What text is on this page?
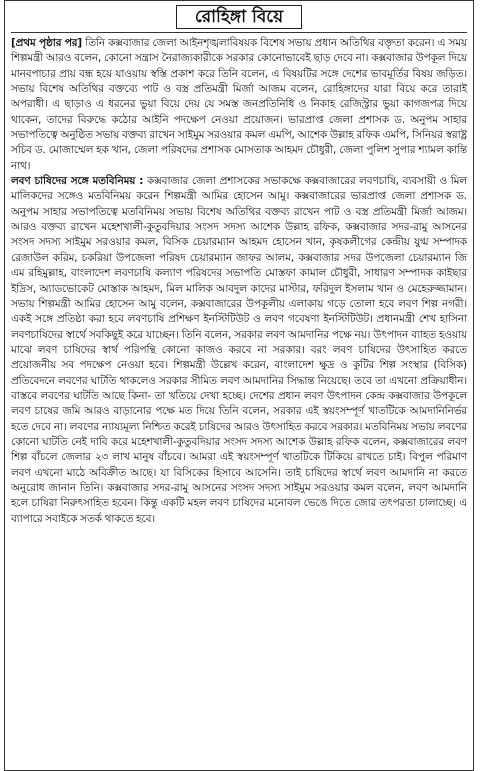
রোহিঙ্গা বিয়ে

[প্রথম পৃষ্ঠার পর] তিনি কক্সবাজার জেলা আইনশৃঙ্খলাবিষয়ক বিশেষ সভায় প্রধান অতিথির বক্তৃতা করেন। এ সময় শিল্পমন্ত্রী আরও বলেন, কোনো সন্ত্রাস নৈরাজ্যকারীকে সরকার কোনোভাবেই ছাড় দেবে না। কক্সবাজার উপকূল দিয়ে মানবপাচার প্রায় বন্ধ হয়ে যাওয়ায় স্বস্তি প্রকাশ করে তিনি বলেন, এ বিষয়টির সঙ্গে দেশের ভাবমূর্তির বিষয় জড়িত। সভায় বিশেষ অতিথির বক্তব্যে পাট ও বস্ত্র প্রতিমন্ত্রী মির্জা আজম বলেন, রোহিঙ্গাদের যারা বিয়ে করে তারাই অপরাধী। এ ছাড়াও এ ধরনের ভুয়া বিয়ে দেয় যে সমস্ত জনপ্রতিনিধি ও নিকাহ রেজিস্ট্রার ভুয়া কাগজপত্র দিয়ে থাকেন, তাদের বিরুদ্ধে কঠোর আইনি পদক্ষেপ নেওয়া প্রয়োজন। ভারপ্রাপ্ত জেলা প্রশাসক ড. অনুপম সাহার সভাপতিত্বে অনুষ্ঠিত সভায় বক্তব্য রাখেন সাইমুম সরওয়ার কমল এমপি, আশেক উল্লাহ রফিক এমপি, সিনিয়র স্বরাষ্ট্র সচিব ড. মোজাম্মেল হক খান, জেলা পরিষদের প্রশাসক মোসতাক আহমদ চৌধুরী, জেলা পুলিশ সুপার শ্যামল কান্তি নাথ।

লবণ চাষিদের সঙ্গে মতবিনিময় : কক্সবাজার জেলা প্রশাসকের সভাকক্ষে কক্সবাজারের লবণচাষি, ব্যবসায়ী ও মিল মালিকদের সঙ্গেও মতবিনিময় করেন শিল্পমন্ত্রী আমির হোসেন আমু। কক্সবাজারের ভারপ্রাপ্ত জেলা প্রশাসক ড. অনুপম সাহার সভাপতিত্বে মতবিনিময় সভায় বিশেষ অতিথির বক্তব্য রাখেন পাট ও বস্ত্র প্রতিমন্ত্রী মির্জা আজম। আরও বক্তব্য রাখেন মহেশখালী-কুতুবদিয়ার সংসদ সদস্য আশেক উল্লাহ রফিক, কক্সবাজার সদর-রামু আসনের সংসদ সদস্য সাইমুম সরওয়ার কমল, বিসিক চেয়ারম্যান আহমদ হোসেন খান, কৃষকলীগের কেন্দ্রীয় যুগ্ম সম্পাদক রেজাউল করিম, চকরিয়া উপজেলা পরিষদ চেয়ারম্যান জাফর আলম, কক্সবাজার সদর উপজেলা চেয়ারম্যান জি এম রহিমুল্লাহ, বাংলাদেশ লবণচাষি কল্যাণ পরিষদের সভাপতি মোস্তফা কামাল চৌধুরী, সাধারণ সম্পাদক কাইছার ইদ্রিস, অ্যাডভোকেট মোস্তাক আহমদ, মিল মালিক আবদুল কাদের মাস্টার, ফরিদুল ইসলাম খান ও মেহেরুজ্জামান। সভায় শিল্পমন্ত্রী আমির হোসেন আমু বলেন, কক্সবাজারের উপকূলীয় এলাকায় গড়ে তোলা হবে লবণ শিল্প নগরী। একই সঙ্গে প্রতিষ্ঠা করা হবে লবণচাষি প্রশিক্ষণ ইনস্টিটিউট ও লবণ গবেষণা ইনস্টিটিউট। প্রধানমন্ত্রী শেখ হাসিনা লবণচাষিদের স্বার্থে সবকিছুই করে যাচ্ছেন। তিনি বলেন, সরকার লবণ আমদানির পক্ষে নয়। উৎপাদন ব্যাহত হওয়ায় মাঝে লবণ চাষিদের স্বার্থ পরিপন্থি কোনো কাজও করবে না সরকার। বরং লবণ চাষিদের উৎসাহিত করতে প্রয়োজনীয় সব পদক্ষেপ নেওয়া হবে। শিল্পমন্ত্রী উল্লেখ করেন, বাংলাদেশ ক্ষুদ্র ও কুটির শিল্প সংস্থার (বিসিক) প্রতিবেদনে লবণের ঘাটতি থাকলেও সরকার সীমিত লবণ আমদানির সিদ্ধান্ত নিয়েছে। তবে তা এখনো প্রক্রিয়াধীন। বাস্তবে লবণের ঘাটতি আছে কিনা- তা খতিয়ে দেখা হচ্ছে। দেশের প্রধান লবণ উৎপাদন কেন্দ্র কক্সবাজার উপকূলে লবণ চাষের জমি আরও বাড়ানোর পক্ষে মত দিয়ে তিনি বলেন, সরকার এই স্বয়ংসম্পূর্ণ খাতটিকে আমদানিনির্ভর হতে দেবে না। লবণের ন্যায্যমূল্য নিশ্চিত করেই চাষিদের আরও উৎসাহিত করবে সরকার। মতবিনিময় সভায় লবণের কোনো ঘাটতি নেই দাবি করে মহেশখালী-কুতুবদিয়ার সংসদ সদস্য আশেক উল্লাহ রফিক বলেন, কক্সবাজারের লবণ শিল্প বাঁচলে জেলার ২৩ লাখ মানুষ বাঁচবে। আমরা এই স্বয়ংসম্পূর্ণ খাতটিকে টিকিয়ে রাখতে চাই। বিপুল পরিমাণ লবণ এখনো মাঠে অবিক্রীত আছে। যা বিসিকের হিসাবে আসেনি। তাই চাষিদের স্বার্থে লবণ আমদানি না করতে অনুরোধ জানান তিনি। কক্সবাজার সদর-রামু আসনের সংসদ সদস্য সাইমুম সরওয়ার কমল বলেন, লবণ আমদানি হলে চাষিরা নিরুৎসাহিত হবেন। কিন্তু একটি মহল লবণ চাষিদের মনোবল ভেঙে দিতে জোর তৎপরতা চালাচ্ছে। এ ব্যাপারে সবাইকে সতর্ক থাকতে হবে।
